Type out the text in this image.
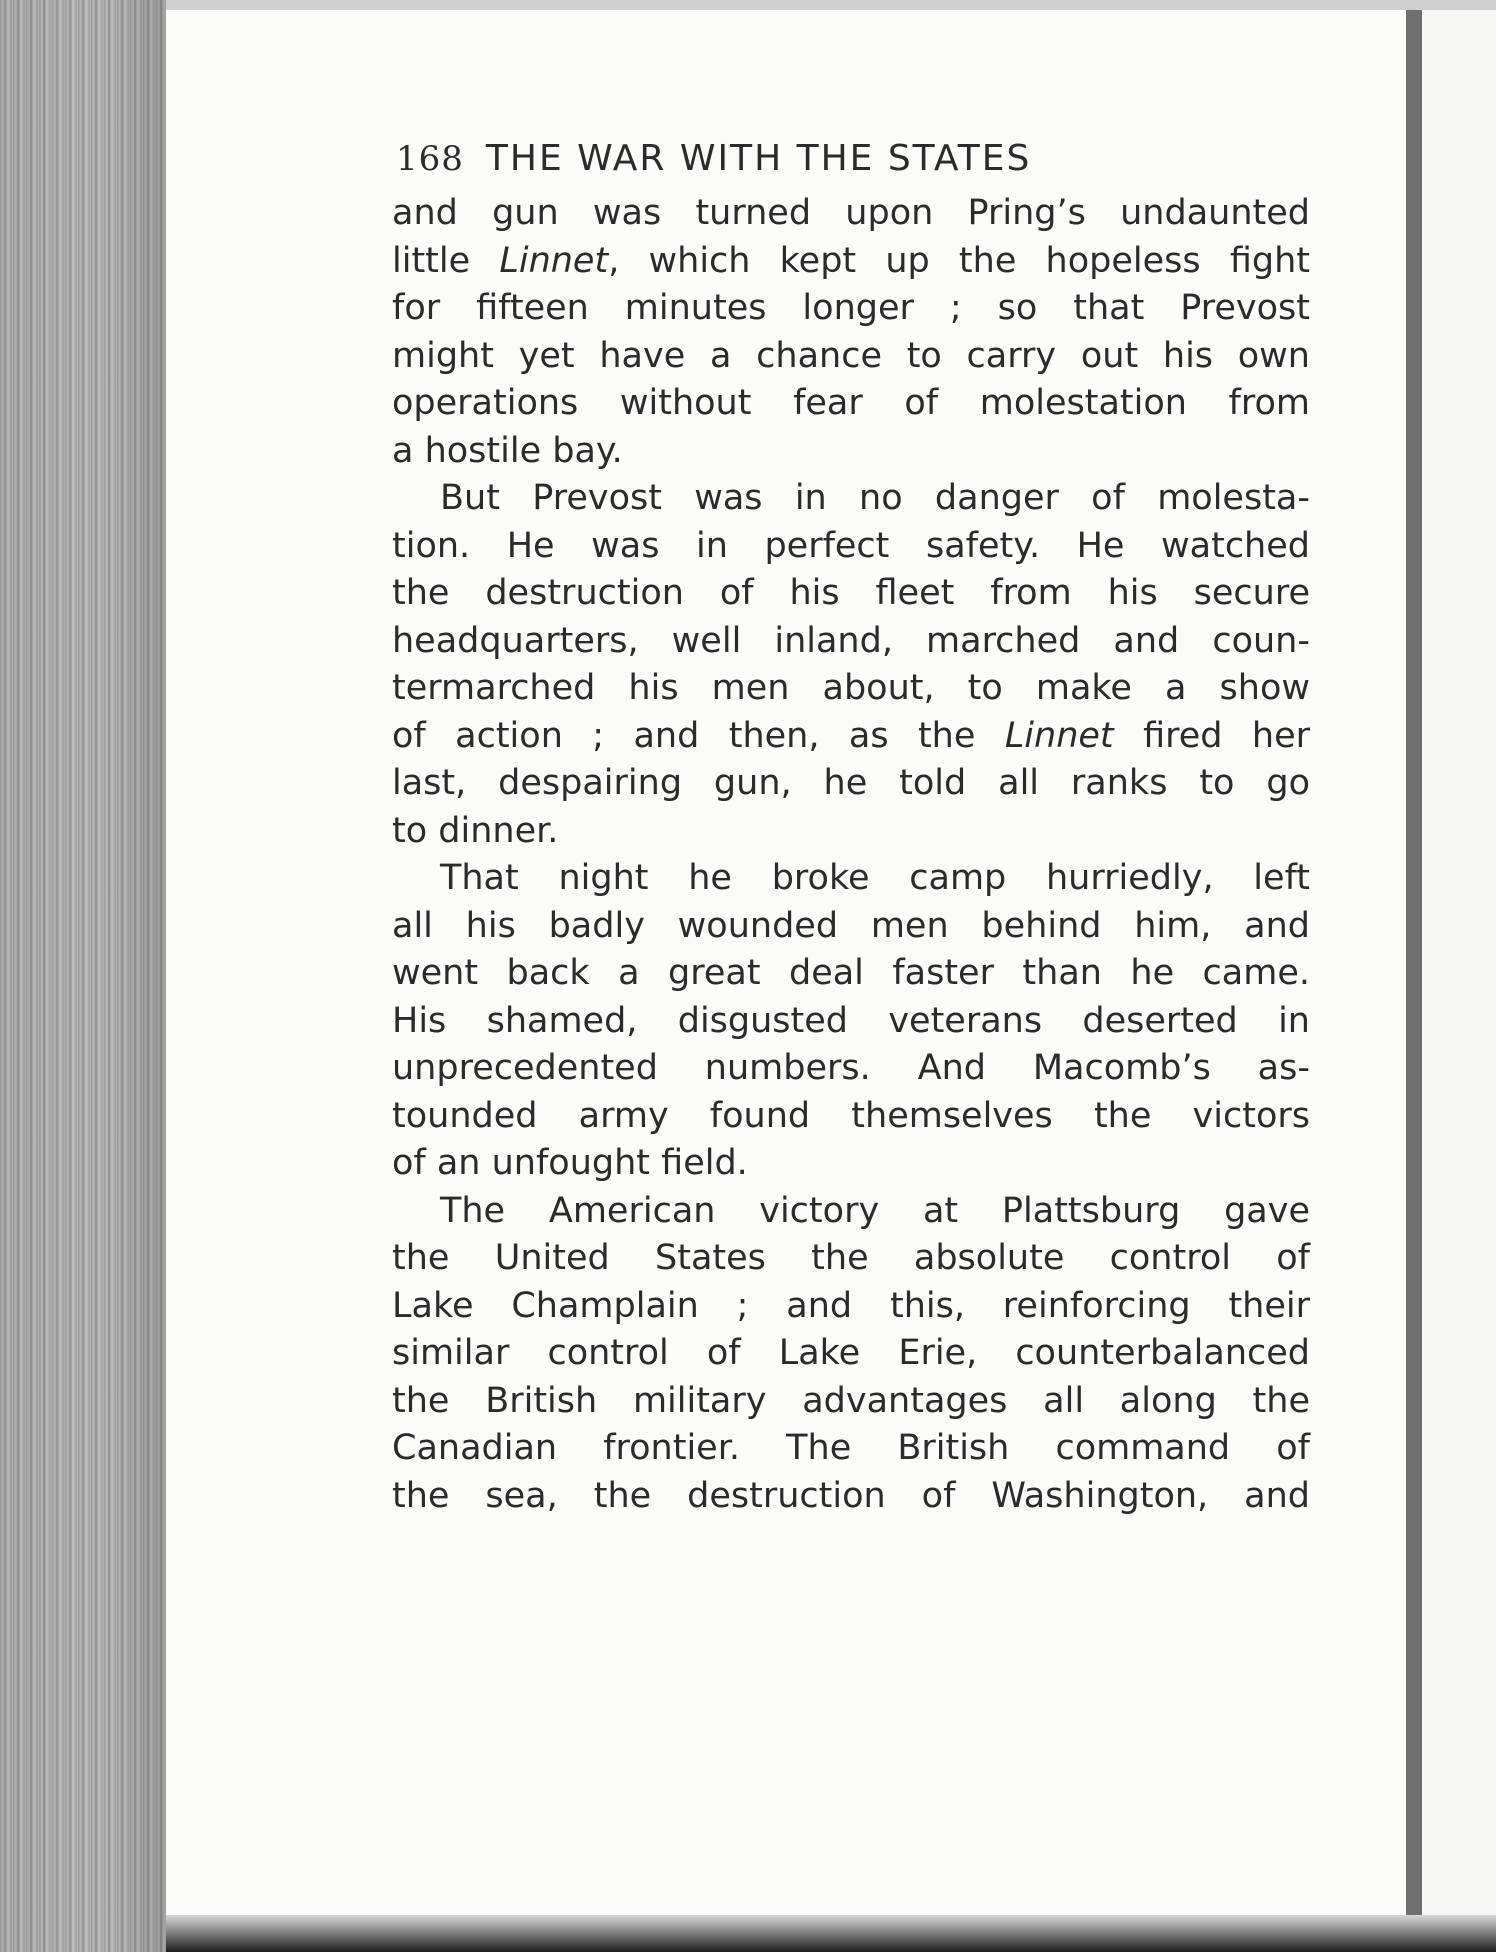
168 THE WAR WITH THE STATES
and gun was turned upon Pring’s undaunted
little Linnet, which kept up the hopeless fight
for fifteen minutes longer ; so that Prevost
might yet have a chance to carry out his own
operations without fear of molestation from
a hostile bay.
But Prevost was in no danger of molesta-
tion. He was in perfect safety. He watched
the destruction of his fleet from his secure
headquarters, well inland, marched and coun-
termarched his men about, to make a show
of action ; and then, as the Linnet fired her
last, despairing gun, he told all ranks to go
to dinner.
That night he broke camp hurriedly, left
all his badly wounded men behind him, and
went back a great deal faster than he came.
His shamed, disgusted veterans deserted in
unprecedented numbers. And Macomb’s as-
tounded army found themselves the victors
of an unfought field.
The American victory at Plattsburg gave
the United States the absolute control of
Lake Champlain ; and this, reinforcing their
similar control of Lake Erie, counterbalanced
the British military advantages all along the
Canadian frontier. The British command of
the sea, the destruction of Washington, and
